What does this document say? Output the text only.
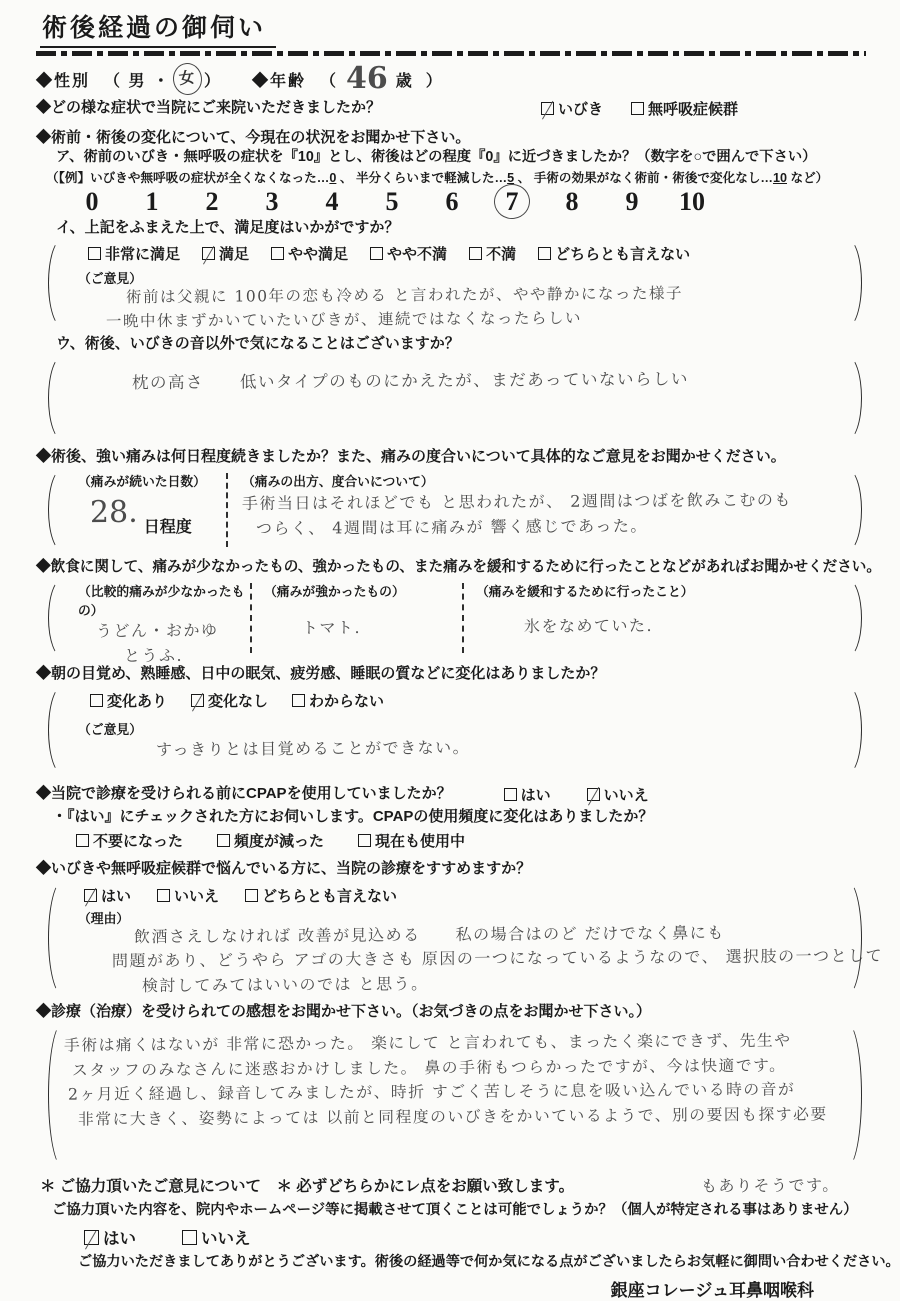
術後経過の御伺い
◆性別 （ 男 ・ 女 ） ◆年齢 （ 46 歳 ）
◆どの様な症状で当院にご来院いただきましたか？	いびき	無呼吸症候群
◆術前・術後の変化について、今現在の状況をお聞かせ下さい。
ア、術前のいびき・無呼吸の症状を『10』とし、術後はどの程度『0』に近づきましたか？（数字を○で囲んで下さい）
（【例】いびきや無呼吸の症状が全くなくなった…0 、 半分くらいまで軽減した…5 、 手術の効果がなく術前・術後で変化なし…10 など）
0	1	2	3	4	5	6	7	8	9	10
イ、上記をふまえた上で、満足度はいかがですか？
非常に満足	満足	やや満足	やや不満	不満	どちらとも言えない
（ご意見）
術前は父親に 100年の恋も冷める と言われたが、やや静かになった様子
一晩中休まずかいていたいびきが、連続ではなくなったらしい
ウ、術後、いびきの音以外で気になることはございますか？
枕の高さ　　低いタイプのものにかえたが、まだあっていないらしい
◆術後、強い痛みは何日程度続きましたか？また、痛みの度合いについて具体的なご意見をお聞かせください。
（痛みが続いた日数）
28. 日程度
（痛みの出方、度合いについて）
手術当日はそれほどでも と思われたが、 2週間はつばを飲みこむのも
つらく、 4週間は耳に痛みが 響く感じであった。
◆飲食に関して、痛みが少なかったもの、強かったもの、また痛みを緩和するために行ったことなどがあればお聞かせください。
（比較的痛みが少なかったもの）
うどん・おかゆ
とうふ.
（痛みが強かったもの）
トマト.
（痛みを緩和するために行ったこと）
氷をなめていた.
◆朝の目覚め、熟睡感、日中の眠気、疲労感、睡眠の質などに変化はありましたか？
変化あり	変化なし	わからない
（ご意見）
すっきりとは目覚めることができない。
◆当院で診療を受けられる前にCPAPを使用していましたか？	はい	いいえ
・『はい』にチェックされた方にお伺いします。CPAPの使用頻度に変化はありましたか？
不要になった	頻度が減った	現在も使用中
◆いびきや無呼吸症候群で悩んでいる方に、当院の診療をすすめますか？
はい	いいえ	どちらとも言えない
（理由）
飲酒さえしなければ 改善が見込める　　私の場合はのど だけでなく鼻にも
問題があり、どうやら アゴの大きさも 原因の一つになっているようなので、 選択肢の一つとして
検討してみてはいいのでは と思う。
◆診療（治療）を受けられての感想をお聞かせ下さい。（お気づきの点をお聞かせ下さい。）
手術は痛くはないが 非常に恐かった。 楽にして と言われても、まったく楽にできず、先生や
スタッフのみなさんに迷惑おかけしました。 鼻の手術もつらかったですが、今は快適です。
2ヶ月近く経過し、録音してみましたが、時折 すごく苦しそうに息を吸い込んでいる時の音が
非常に大きく、姿勢によっては 以前と同程度のいびきをかいているようで、別の要因も探す必要
＊ ご協力頂いたご意見について　＊ 必ずどちらかにレ点をお願い致します。	もありそうです。
ご協力頂いた内容を、院内やホームページ等に掲載させて頂くことは可能でしょうか？（個人が特定される事はありません）
はい	いいえ
ご協力いただきましてありがとうございます。術後の経過等で何か気になる点がございましたらお気軽に御問い合わせください。
銀座コレージュ耳鼻咽喉科
